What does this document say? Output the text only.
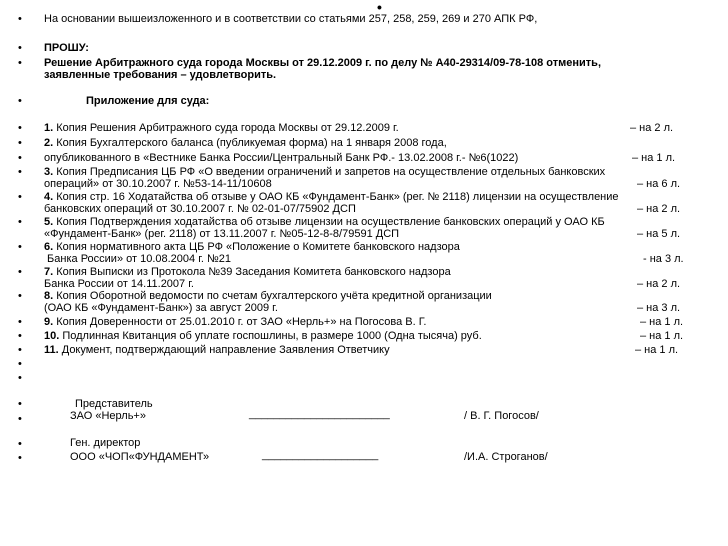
•
• На основании вышеизложенного и в соответствии со статьями 257, 258, 259, 269 и 270 АПК РФ,
• ПРОШУ:
• Решение Арбитражного суда города Москвы от 29.12.2009 г. по делу № А40-29314/09-78-108 отменить,
заявленные требования – удовлетворить.
•	Приложение для суда:
• 1. Копия Решения Арбитражного суда города Москвы от 29.12.2009 г.	– на 2 л.
• 2. Копия Бухгалтерского баланса (публикуемая форма) на 1 января 2008 года,
• опубликованного в «Вестнике Банка России/Центральный Банк РФ.- 13.02.2008 г.- №6(1022)	– на 1 л.
• 3. Копия Предписания ЦБ РФ «О введении ограничений и запретов на осуществление отдельных банковских
операций» от 30.10.2007 г. №53-14-11/10608	– на 6 л.
• 4. Копия стр. 16 Ходатайства об отзыве у ОАО КБ «Фундамент-Банк» (рег. № 2118) лицензии на осуществление
банковских операций от 30.10.2007 г. № 02-01-07/75902 ДСП	– на 2 л.
• 5. Копия Подтверждения ходатайства об отзыве лицензии на осуществление банковских операций у ОАО КБ
«Фундамент-Банк» (рег. 2118) от 13.11.2007 г. №05-12-8-8/79591 ДСП	– на 5 л.
• 6. Копия нормативного акта ЦБ РФ «Положение о Комитете банковского надзора
Банка России» от 10.08.2004 г. №21	- на 3 л.
• 7. Копия Выписки из Протокола №39 Заседания Комитета банковского надзора
Банка России от 14.11.2007 г.	– на 2 л.
• 8. Копия Оборотной ведомости по счетам бухгалтерского учёта кредитной организации
(ОАО КБ «Фундамент-Банк») за август 2009 г.	– на 3 л.
• 9. Копия Доверенности от 25.01.2010 г. от ЗАО «Нерль+» на Погосова В. Г.	– на 1 л.
• 10. Подлинная Квитанция об уплате госпошлины, в размере 1000 (Одна тысяча) руб.	– на 1 л.
• 11. Документ, подтверждающий направление Заявления Ответчику	– на 1 л.
•
•
•	Представитель
•	ЗАО «Нерль+»	_______________________	/ В. Г. Погосов/
•	Ген. директор
•	ООО «ЧОП«ФУНДАМЕНТ»	___________________	/И.А. Строганов/
